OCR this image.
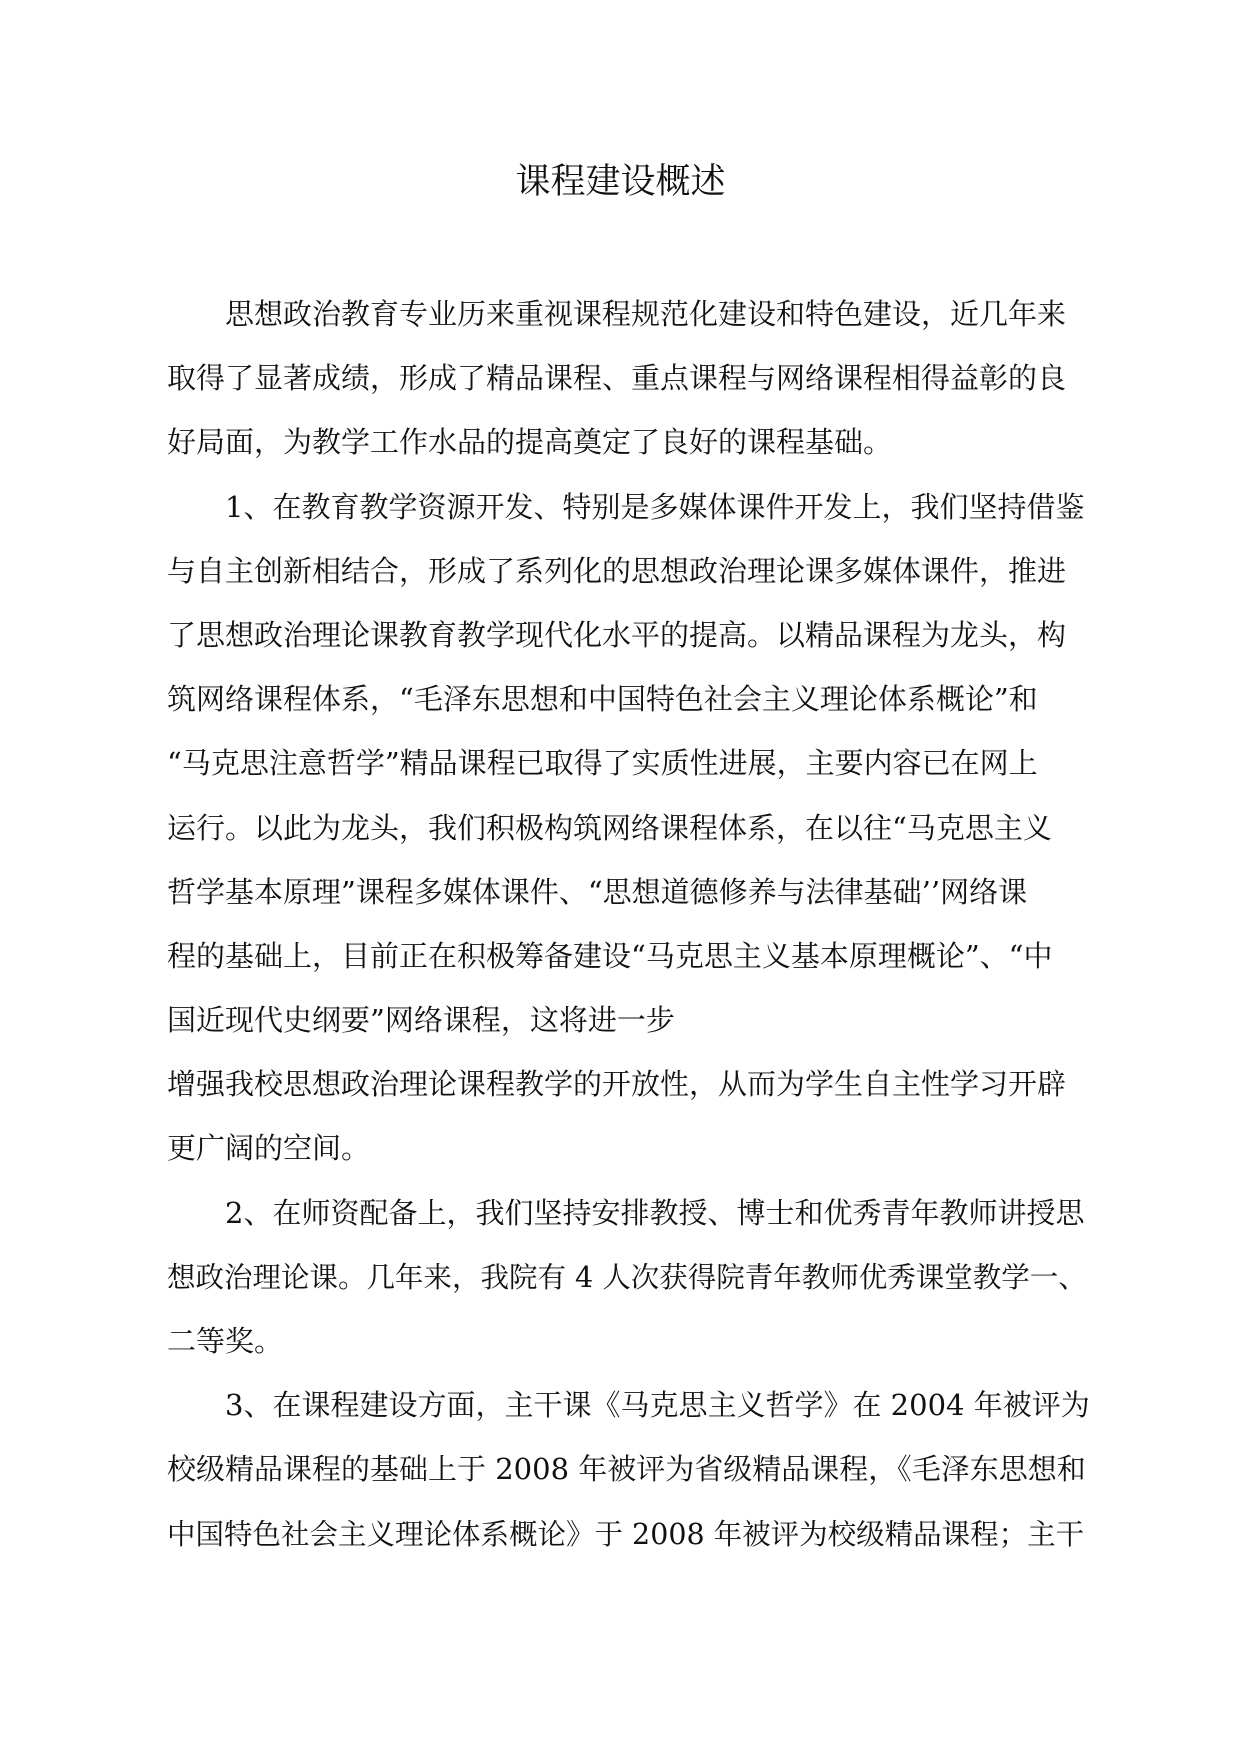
课程建设概述
思想政治教育专业历来重视课程规范化建设和特色建设，近几年来
取得了显著成绩，形成了精品课程、重点课程与网络课程相得益彰的良
好局面，为教学工作水品的提高奠定了良好的课程基础。
1、在教育教学资源开发、特别是多媒体课件开发上，我们坚持借鉴
与自主创新相结合，形成了系列化的思想政治理论课多媒体课件，推进
了思想政治理论课教育教学现代化水平的提高。以精品课程为龙头，构
筑网络课程体系，“毛泽东思想和中国特色社会主义理论体系概论”和
“马克思注意哲学”精品课程已取得了实质性进展，主要内容已在网上
运行。以此为龙头，我们积极构筑网络课程体系，在以往“马克思主义
哲学基本原理”课程多媒体课件、“思想道德修养与法律基础’’网络课
程的基础上，目前正在积极筹备建设“马克思主义基本原理概论”、“中
国近现代史纲要”网络课程，这将进一步
增强我校思想政治理论课程教学的开放性，从而为学生自主性学习开辟
更广阔的空间。
2、在师资配备上，我们坚持安排教授、博士和优秀青年教师讲授思
想政治理论课。几年来，我院有 4 人次获得院青年教师优秀课堂教学一、
二等奖。
3、在课程建设方面，主干课《马克思主义哲学》在 2004 年被评为
校级精品课程的基础上于 2008 年被评为省级精品课程，《毛泽东思想和
中国特色社会主义理论体系概论》于 2008 年被评为校级精品课程；主干
